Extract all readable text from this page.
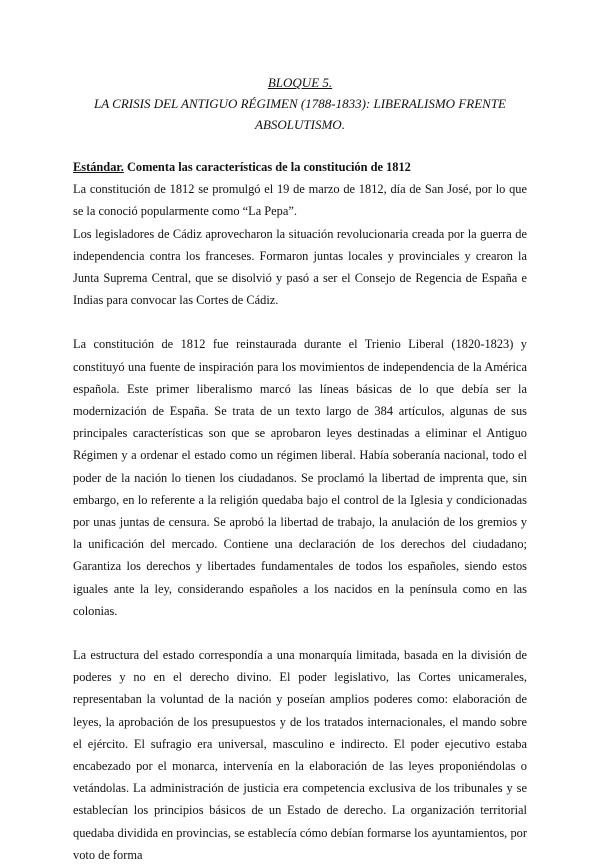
BLOQUE 5.
LA CRISIS DEL ANTIGUO RÉGIMEN (1788-1833): LIBERALISMO FRENTE ABSOLUTISMO.

Estándar. Comenta las características de la constitución de 1812

La constitución de 1812 se promulgó el 19 de marzo de 1812, día de San José, por lo que se la conoció popularmente como “La Pepa”.

Los legisladores de Cádiz aprovecharon la situación revolucionaria creada por la guerra de independencia contra los franceses. Formaron juntas locales y provinciales y crearon la Junta Suprema Central, que se disolvió y pasó a ser el Consejo de Regencia de España e Indias para convocar las Cortes de Cádiz.

La constitución de 1812 fue reinstaurada durante el Trienio Liberal (1820-1823) y constituyó una fuente de inspiración para los movimientos de independencia de la América española. Este primer liberalismo marcó las líneas básicas de lo que debía ser la modernización de España. Se trata de un texto largo de 384 artículos, algunas de sus principales características son que se aprobaron leyes destinadas a eliminar el Antiguo Régimen y a ordenar el estado como un régimen liberal. Había soberanía nacional, todo el poder de la nación lo tienen los ciudadanos. Se proclamó la libertad de imprenta que, sin embargo, en lo referente a la religión quedaba bajo el control de la Iglesia y condicionadas por unas juntas de censura. Se aprobó la libertad de trabajo, la anulación de los gremios y la unificación del mercado. Contiene una declaración de los derechos del ciudadano; Garantiza los derechos y libertades fundamentales de todos los españoles, siendo estos iguales ante la ley, considerando españoles a los nacidos en la península como en las colonias.

La estructura del estado correspondía a una monarquía limitada, basada en la división de poderes y no en el derecho divino. El poder legislativo, las Cortes unicamerales, representaban la voluntad de la nación y poseían amplios poderes como: elaboración de leyes, la aprobación de los presupuestos y de los tratados internacionales, el mando sobre el ejército. El sufragio era universal, masculino e indirecto. El poder ejecutivo estaba encabezado por el monarca, intervenía en la elaboración de las leyes proponiéndolas o vetándolas. La administración de justicia era competencia exclusiva de los tribunales y se establecían los principios básicos de un Estado de derecho. La organización territorial quedaba dividida en provincias, se establecía cómo debían formarse los ayuntamientos, por voto de forma
